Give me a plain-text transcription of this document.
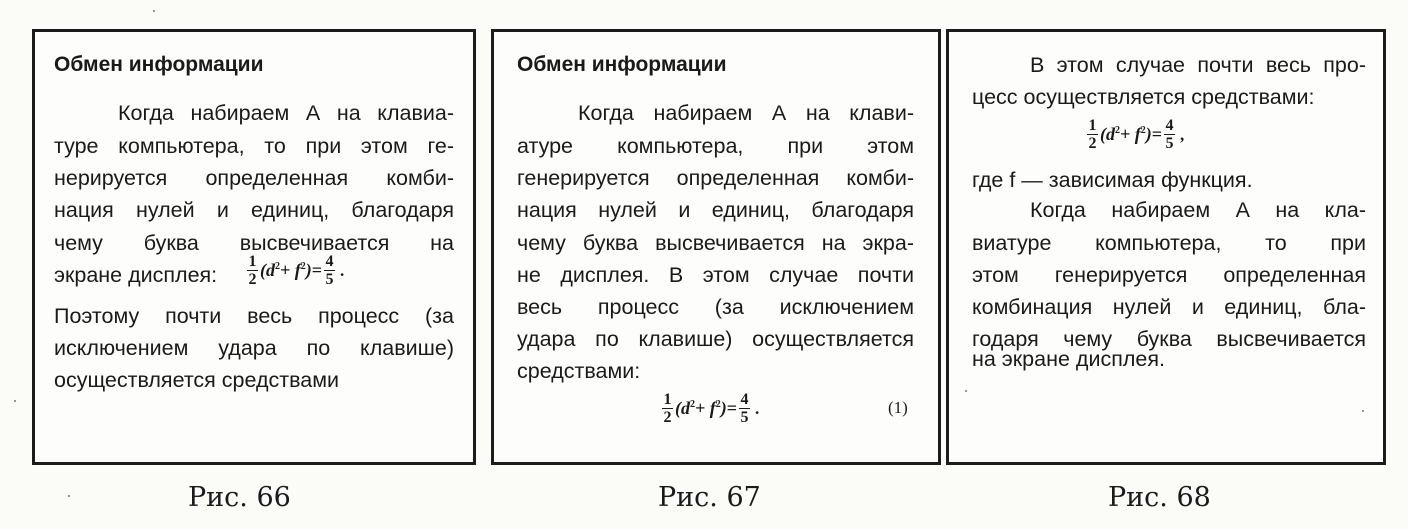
Обмен информации
Когда набираем А на клавиа-
туре компьютера, то при этом ге-
нерируется определенная комби-
нация нулей и единиц, благодаря
чему буква высвечивается на
экране дисплея: $\frac{1}{2} (d^2+ f^2)= \frac{4}{5}$ .
Поэтому почти весь процесс (за
исключением удара по клавише)
осуществляется средствами
Рис. 66
Обмен информации
Когда набираем А на клави-
атуре компьютера, при этом
генерируется определенная комби-
нация нулей и единиц, благодаря
чему буква высвечивается на экра-
не дисплея. В этом случае почти
весь процесс (за исключением
удара по клавише) осуществляется
средствами:
$\frac{1}{2} (d^2+ f^2)= \frac{4}{5}$ .	(1)
Рис. 67
В этом случае почти весь про-
цесс осуществляется средствами:
$\frac{1}{2} (d^2+ f^2)= \frac{4}{5}$ ,
где f — зависимая функция.
Когда набираем А на кла-
виатуре компьютера, то при
этом генерируется определенная
комбинация нулей и единиц, бла-
годаря чему буква высвечивается
на экране дисплея.
Рис. 68
